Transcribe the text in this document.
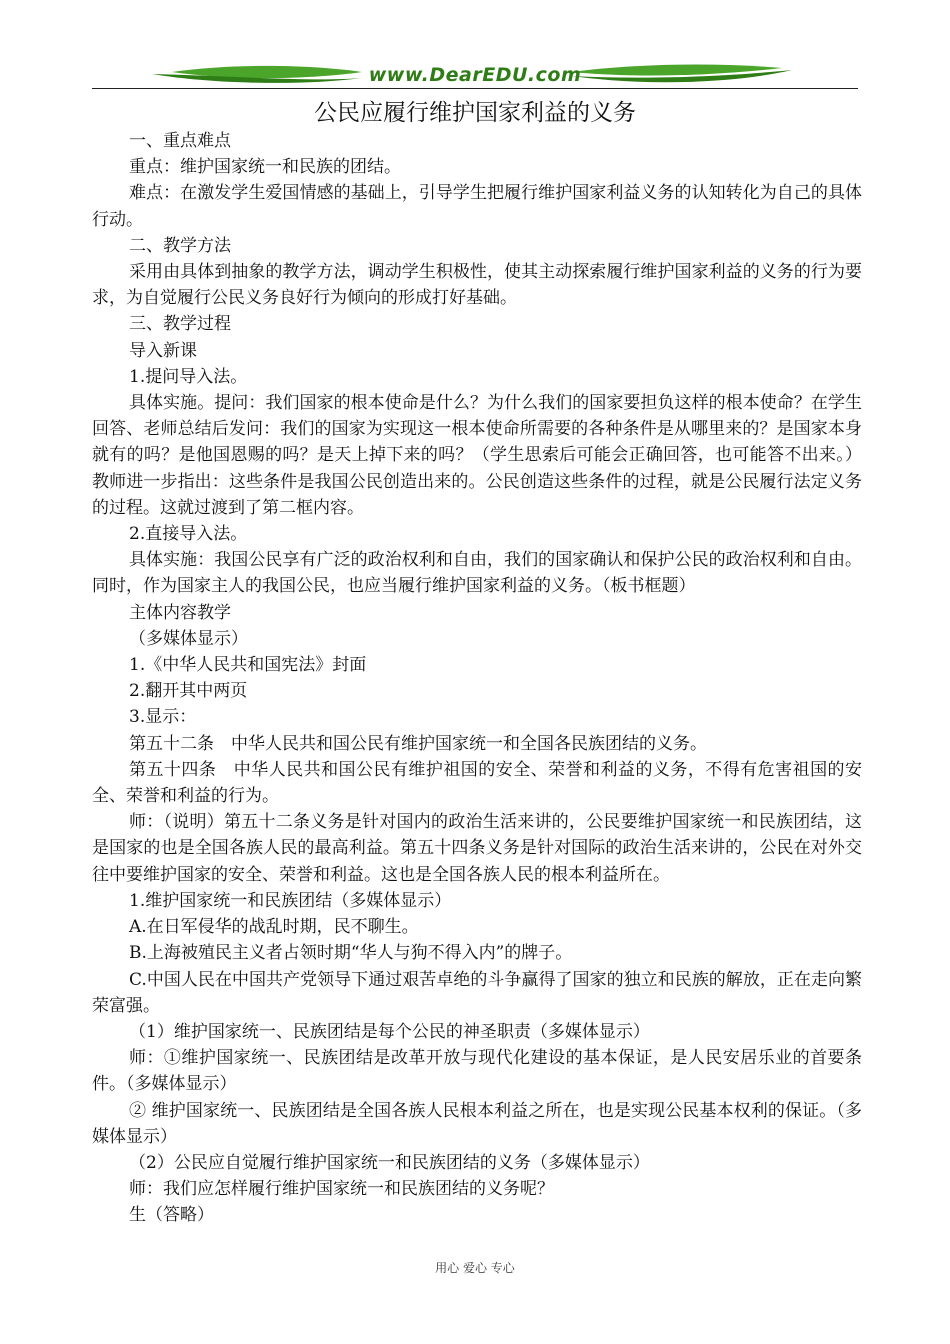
www.DearEDU.com
公民应履行维护国家利益的义务

一、重点难点

重点：维护国家统一和民族的团结。

难点：在激发学生爱国情感的基础上，引导学生把履行维护国家利益义务的认知转化为自己的具体行动。

二、教学方法

采用由具体到抽象的教学方法，调动学生积极性，使其主动探索履行维护国家利益的义务的行为要求，为自觉履行公民义务良好行为倾向的形成打好基础。

三、教学过程

导入新课

1.提问导入法。

具体实施。提问：我们国家的根本使命是什么？为什么我们的国家要担负这样的根本使命？在学生回答、老师总结后发问：我们的国家为实现这一根本使命所需要的各种条件是从哪里来的？是国家本身就有的吗？是他国恩赐的吗？是天上掉下来的吗？（学生思索后可能会正确回答，也可能答不出来。）教师进一步指出：这些条件是我国公民创造出来的。公民创造这些条件的过程，就是公民履行法定义务的过程。这就过渡到了第二框内容。

2.直接导入法。

具体实施：我国公民享有广泛的政治权利和自由，我们的国家确认和保护公民的政治权利和自由。同时，作为国家主人的我国公民，也应当履行维护国家利益的义务。（板书框题）

主体内容教学

（多媒体显示）

1.《中华人民共和国宪法》封面

2.翻开其中两页

3.显示：

第五十二条　中华人民共和国公民有维护国家统一和全国各民族团结的义务。

第五十四条　中华人民共和国公民有维护祖国的安全、荣誉和利益的义务，不得有危害祖国的安全、荣誉和利益的行为。

师：（说明）第五十二条义务是针对国内的政治生活来讲的，公民要维护国家统一和民族团结，这是国家的也是全国各族人民的最高利益。第五十四条义务是针对国际的政治生活来讲的，公民在对外交往中要维护国家的安全、荣誉和利益。这也是全国各族人民的根本利益所在。

1.维护国家统一和民族团结（多媒体显示）

A.在日军侵华的战乱时期，民不聊生。

B.上海被殖民主义者占领时期“华人与狗不得入内”的牌子。

C.中国人民在中国共产党领导下通过艰苦卓绝的斗争赢得了国家的独立和民族的解放，正在走向繁荣富强。

（1）维护国家统一、民族团结是每个公民的神圣职责（多媒体显示）

师：①维护国家统一、民族团结是改革开放与现代化建设的基本保证，是人民安居乐业的首要条件。（多媒体显示）

② 维护国家统一、民族团结是全国各族人民根本利益之所在，也是实现公民基本权利的保证。（多媒体显示）

（2）公民应自觉履行维护国家统一和民族团结的义务（多媒体显示）

师：我们应怎样履行维护国家统一和民族团结的义务呢？

生（答略）

用心 爱心 专心
